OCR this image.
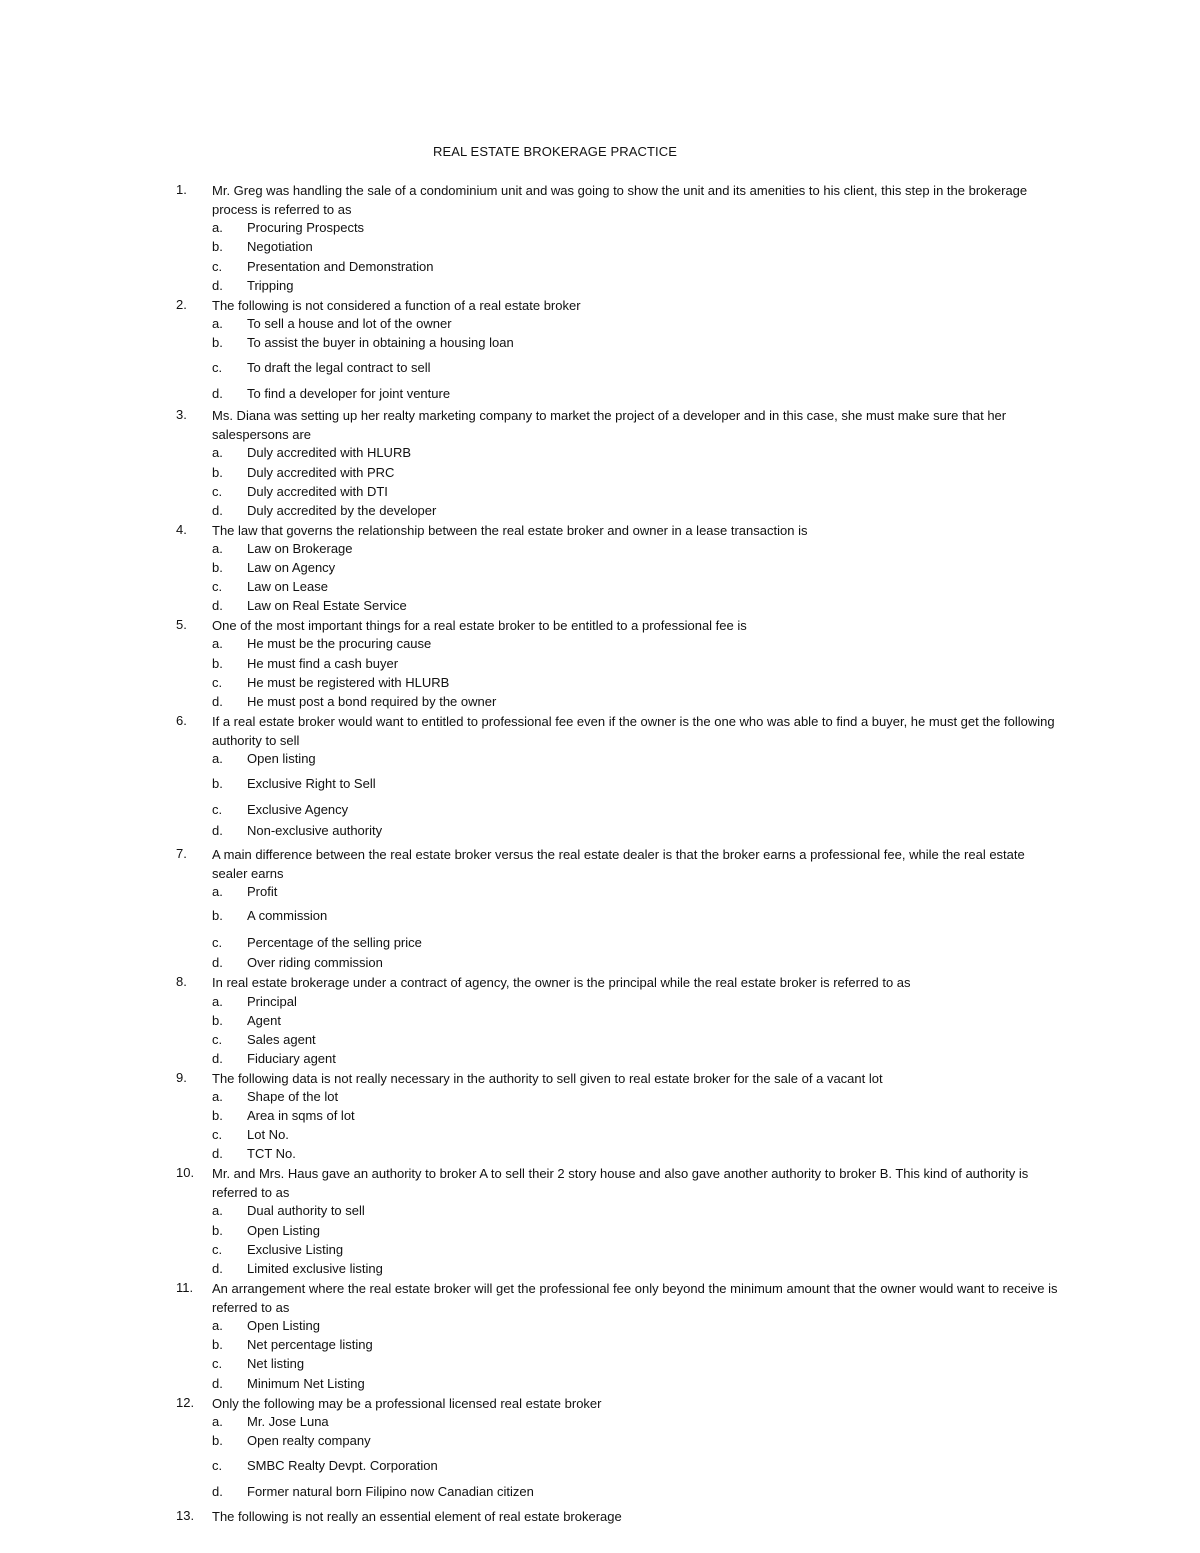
REAL ESTATE BROKERAGE PRACTICE
1.	Mr. Greg was handling the sale of a condominium unit and was going to show the unit and its amenities to his client, this step in the brokerage process is referred to as
a. Procuring Prospects
b. Negotiation
c. Presentation and Demonstration
d. Tripping
2.	The following is not considered a function of a real estate broker
a. To sell a house and lot of the owner
b. To assist the buyer in obtaining a housing loan
c. To draft the legal contract to sell
d. To find a developer for joint venture
3.	Ms. Diana was setting up her realty marketing company to market the project of a developer and in this case, she must make sure that her salespersons are
a. Duly accredited with HLURB
b. Duly accredited with PRC
c. Duly accredited with DTI
d. Duly accredited by the developer
4.	The law that governs the relationship between the real estate broker and owner in a lease transaction is
a. Law on Brokerage
b. Law on Agency
c. Law on Lease
d. Law on Real Estate Service
5.	One of the most important things for a real estate broker to be entitled to a professional fee is
a. He must be the procuring cause
b. He must find a cash buyer
c. He must be registered with HLURB
d. He must post a bond required by the owner
6.	If a real estate broker would want to entitled to professional fee even if the owner is the one who was able to find a buyer, he must get the following authority to sell
a. Open listing
b. Exclusive Right to Sell
c. Exclusive Agency
d. Non-exclusive authority
7.	A main difference between the real estate broker versus the real estate dealer is that the broker earns a professional fee, while the real estate sealer earns
a. Profit
b. A commission
c. Percentage of the selling price
d. Over riding commission
8.	In real estate brokerage under a contract of agency, the owner is the principal while the real estate broker is referred to as
a. Principal
b. Agent
c. Sales agent
d. Fiduciary agent
9.	The following data is not really necessary in the authority to sell given to real estate broker for the sale of a vacant lot
a. Shape of the lot
b. Area in sqms of lot
c. Lot No.
d. TCT No.
10.	Mr. and Mrs. Haus gave an authority to broker A to sell their 2 story house and also gave another authority to broker B. This kind of authority is referred to as
a. Dual authority to sell
b. Open Listing
c. Exclusive Listing
d. Limited exclusive listing
11.	An arrangement where the real estate broker will get the professional fee only beyond the minimum amount that the owner would want to receive is referred to as
a. Open Listing
b. Net percentage listing
c. Net listing
d. Minimum Net Listing
12.	Only the following may be a professional licensed real estate broker
a. Mr. Jose Luna
b. Open realty company
c. SMBC Realty Devpt. Corporation
d. Former natural born Filipino now Canadian citizen
13.	The following is not really an essential element of real estate brokerage
